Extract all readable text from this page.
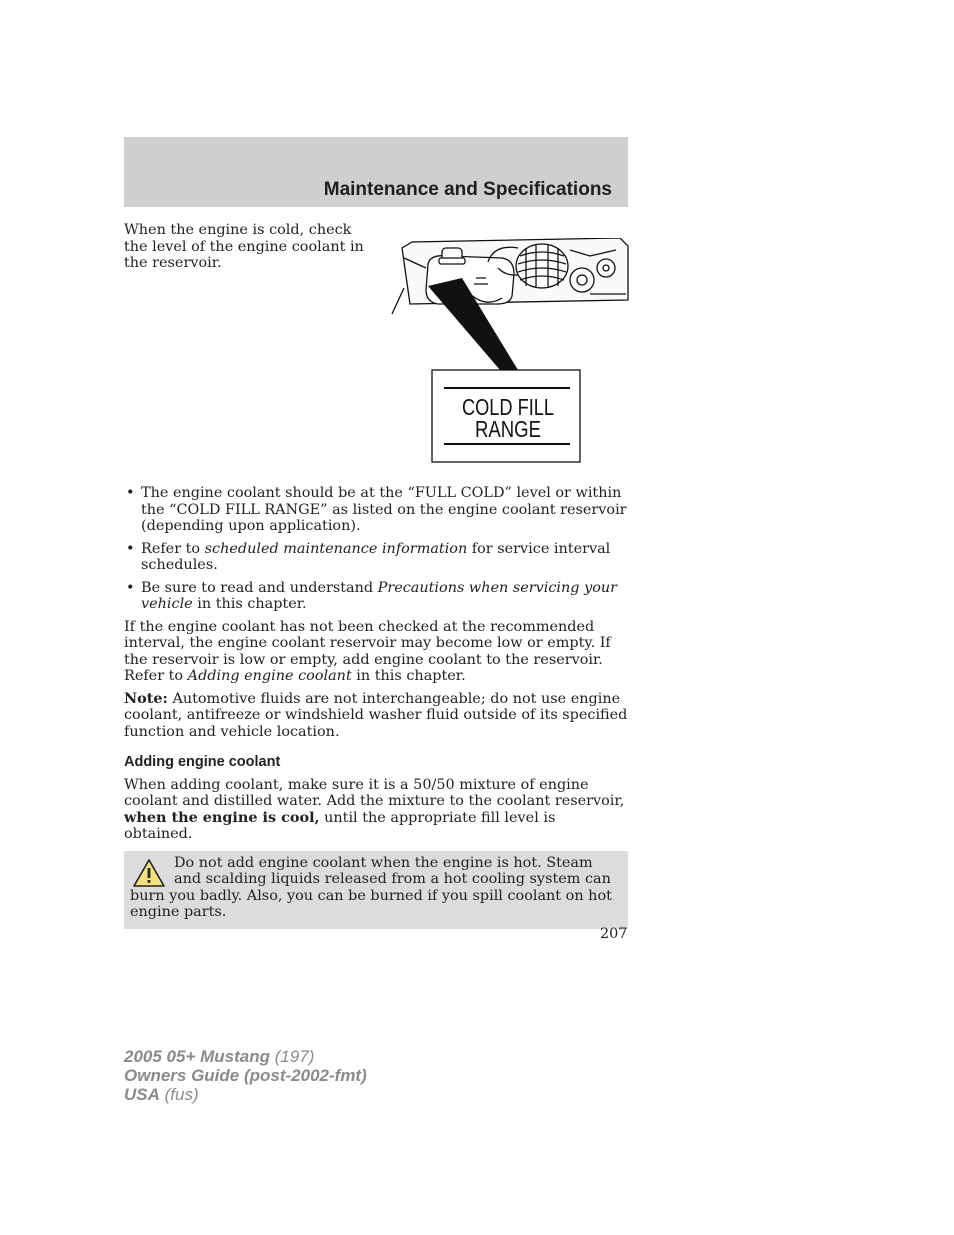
Maintenance and Specifications
When the engine is cold, check the level of the engine coolant in the reservoir.
COLD FILL
RANGE
• The engine coolant should be at the “FULL COLD” level or within the “COLD FILL RANGE” as listed on the engine coolant reservoir (depending upon application).
• Refer to scheduled maintenance information for service interval schedules.
• Be sure to read and understand Precautions when servicing your vehicle in this chapter.

If the engine coolant has not been checked at the recommended interval, the engine coolant reservoir may become low or empty. If the reservoir is low or empty, add engine coolant to the reservoir. Refer to Adding engine coolant in this chapter.

Note: Automotive fluids are not interchangeable; do not use engine coolant, antifreeze or windshield washer fluid outside of its specified function and vehicle location.

Adding engine coolant

When adding coolant, make sure it is a 50/50 mixture of engine coolant and distilled water. Add the mixture to the coolant reservoir, when the engine is cool, until the appropriate fill level is obtained.

Do not add engine coolant when the engine is hot. Steam and scalding liquids released from a hot cooling system can burn you badly. Also, you can be burned if you spill coolant on hot engine parts.
207
2005 05+ Mustang (197)
Owners Guide (post-2002-fmt)
USA (fus)
